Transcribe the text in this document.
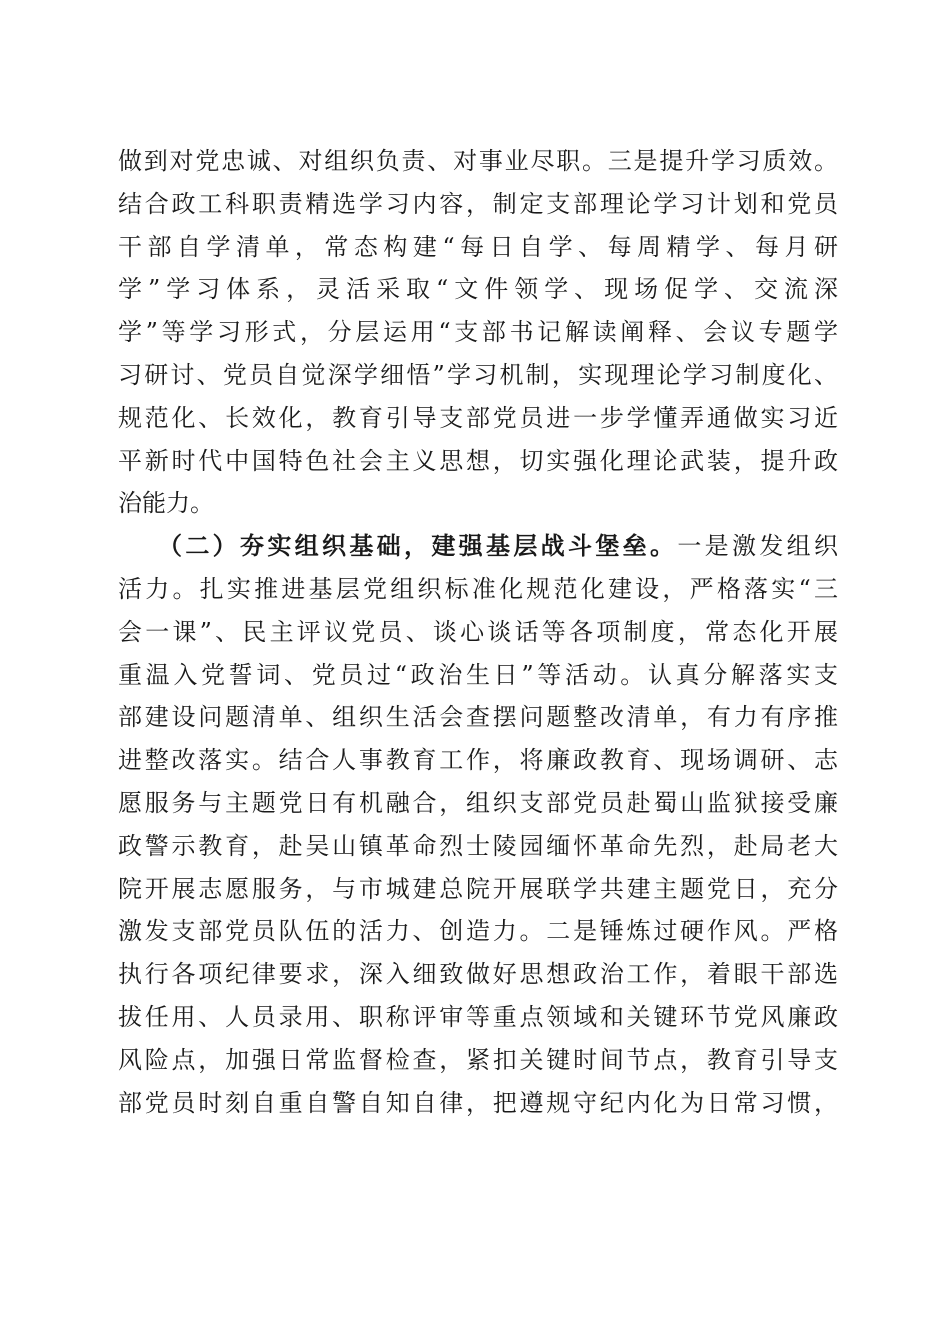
做到对党忠诚、对组织负责、对事业尽职。三是提升学习质效。
结合政工科职责精选学习内容，制定支部理论学习计划和党员
干部自学清单，常态构建“每日自学、每周精学、每月研
学”学习体系，灵活采取“文件领学、现场促学、交流深
学”等学习形式，分层运用“支部书记解读阐释、会议专题学
习研讨、党员自觉深学细悟”学习机制，实现理论学习制度化、
规范化、长效化，教育引导支部党员进一步学懂弄通做实习近
平新时代中国特色社会主义思想，切实强化理论武装，提升政
治能力。
（二）夯实组织基础，建强基层战斗堡垒。一是激发组织
活力。扎实推进基层党组织标准化规范化建设，严格落实“三
会一课”、民主评议党员、谈心谈话等各项制度，常态化开展
重温入党誓词、党员过“政治生日”等活动。认真分解落实支
部建设问题清单、组织生活会查摆问题整改清单，有力有序推
进整改落实。结合人事教育工作，将廉政教育、现场调研、志
愿服务与主题党日有机融合，组织支部党员赴蜀山监狱接受廉
政警示教育，赴吴山镇革命烈士陵园缅怀革命先烈，赴局老大
院开展志愿服务，与市城建总院开展联学共建主题党日，充分
激发支部党员队伍的活力、创造力。二是锤炼过硬作风。严格
执行各项纪律要求，深入细致做好思想政治工作，着眼干部选
拔任用、人员录用、职称评审等重点领域和关键环节党风廉政
风险点，加强日常监督检查，紧扣关键时间节点，教育引导支
部党员时刻自重自警自知自律，把遵规守纪内化为日常习惯，
